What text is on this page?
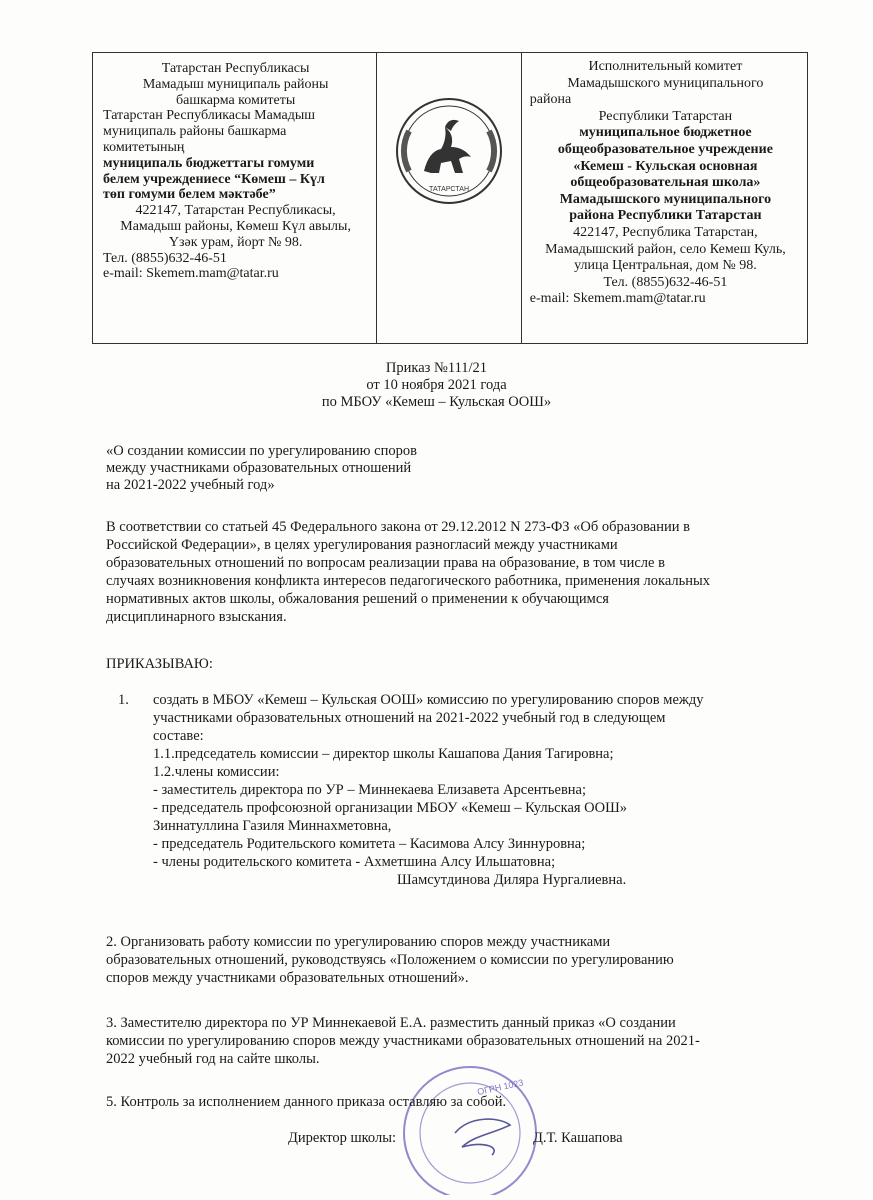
Татарстан Республикасы
Мамадыш муниципаль районы
башкарма комитеты
Татарстан Республикасы Мамадыш
муниципаль районы башкарма
комитетының
муниципаль бюджеттагы гомуми
белем учреждениесе “Көмеш – Күл
төп гомуми белем мәктәбе”
422147, Татарстан Республикасы,
Мамадыш районы, Көмеш Күл авылы,
Үзәк урам, йорт № 98.
Тел. (8855)632-46-51
e-mail: Skemem.mam@tatar.ru
ТАТАРСТАН
Исполнительный комитет
Мамадышского муниципального
района
Республики Татарстан
муниципальное бюджетное
общеобразовательное учреждение
«Кемеш - Кульская основная
общеобразовательная школа»
Мамадышского муниципального
района Республики Татарстан
422147, Республика Татарстан,
Мамадышский район, село Кемеш Куль,
улица Центральная, дом № 98.
Тел. (8855)632-46-51
e-mail: Skemem.mam@tatar.ru
Приказ №111/21
от 10 ноября 2021 года
по МБОУ «Кемеш – Кульская ООШ»
«О создании комиссии по урегулированию споров
между участниками образовательных отношений
на 2021-2022 учебный год»
В соответствии со статьей 45 Федерального закона от 29.12.2012 N 273-ФЗ «Об образовании в
Российской Федерации», в целях урегулирования разногласий между участниками
образовательных отношений по вопросам реализации права на образование, в том числе в
случаях возникновения конфликта интересов педагогического работника, применения локальных
нормативных актов школы, обжалования решений о применении к обучающимся
дисциплинарного взыскания.
ПРИКАЗЫВАЮ:
1. создать в МБОУ «Кемеш – Кульская ООШ» комиссию по урегулированию споров между
участниками образовательных отношений на 2021-2022 учебный год в следующем
составе:
1.1.председатель комиссии – директор школы Кашапова Дания Тагировна;
1.2.члены комиссии:
- заместитель директора по УР – Миннекаева Елизавета Арсентьевна;
- председатель профсоюзной организации МБОУ «Кемеш – Кульская ООШ»
Зиннатуллина Газиля Миннахметовна,
- председатель Родительского комитета – Касимова Алсу Зиннуровна;
- члены родительского комитета - Ахметшина Алсу Ильшатовна;
Шамсутдинова Диляра Нургалиевна.
2. Организовать работу комиссии по урегулированию споров между участниками
образовательных отношений, руководствуясь «Положением о комиссии по урегулированию
споров между участниками образовательных отношений».
3. Заместителю директора по УР Миннекаевой Е.А. разместить данный приказ «О создании
комиссии по урегулированию споров между участниками образовательных отношений на 2021-
2022 учебный год на сайте школы.
ОГРН 1023
5. Контроль за исполнением данного приказа оставляю за собой.
Директор школы:	Д.Т. Кашапова
